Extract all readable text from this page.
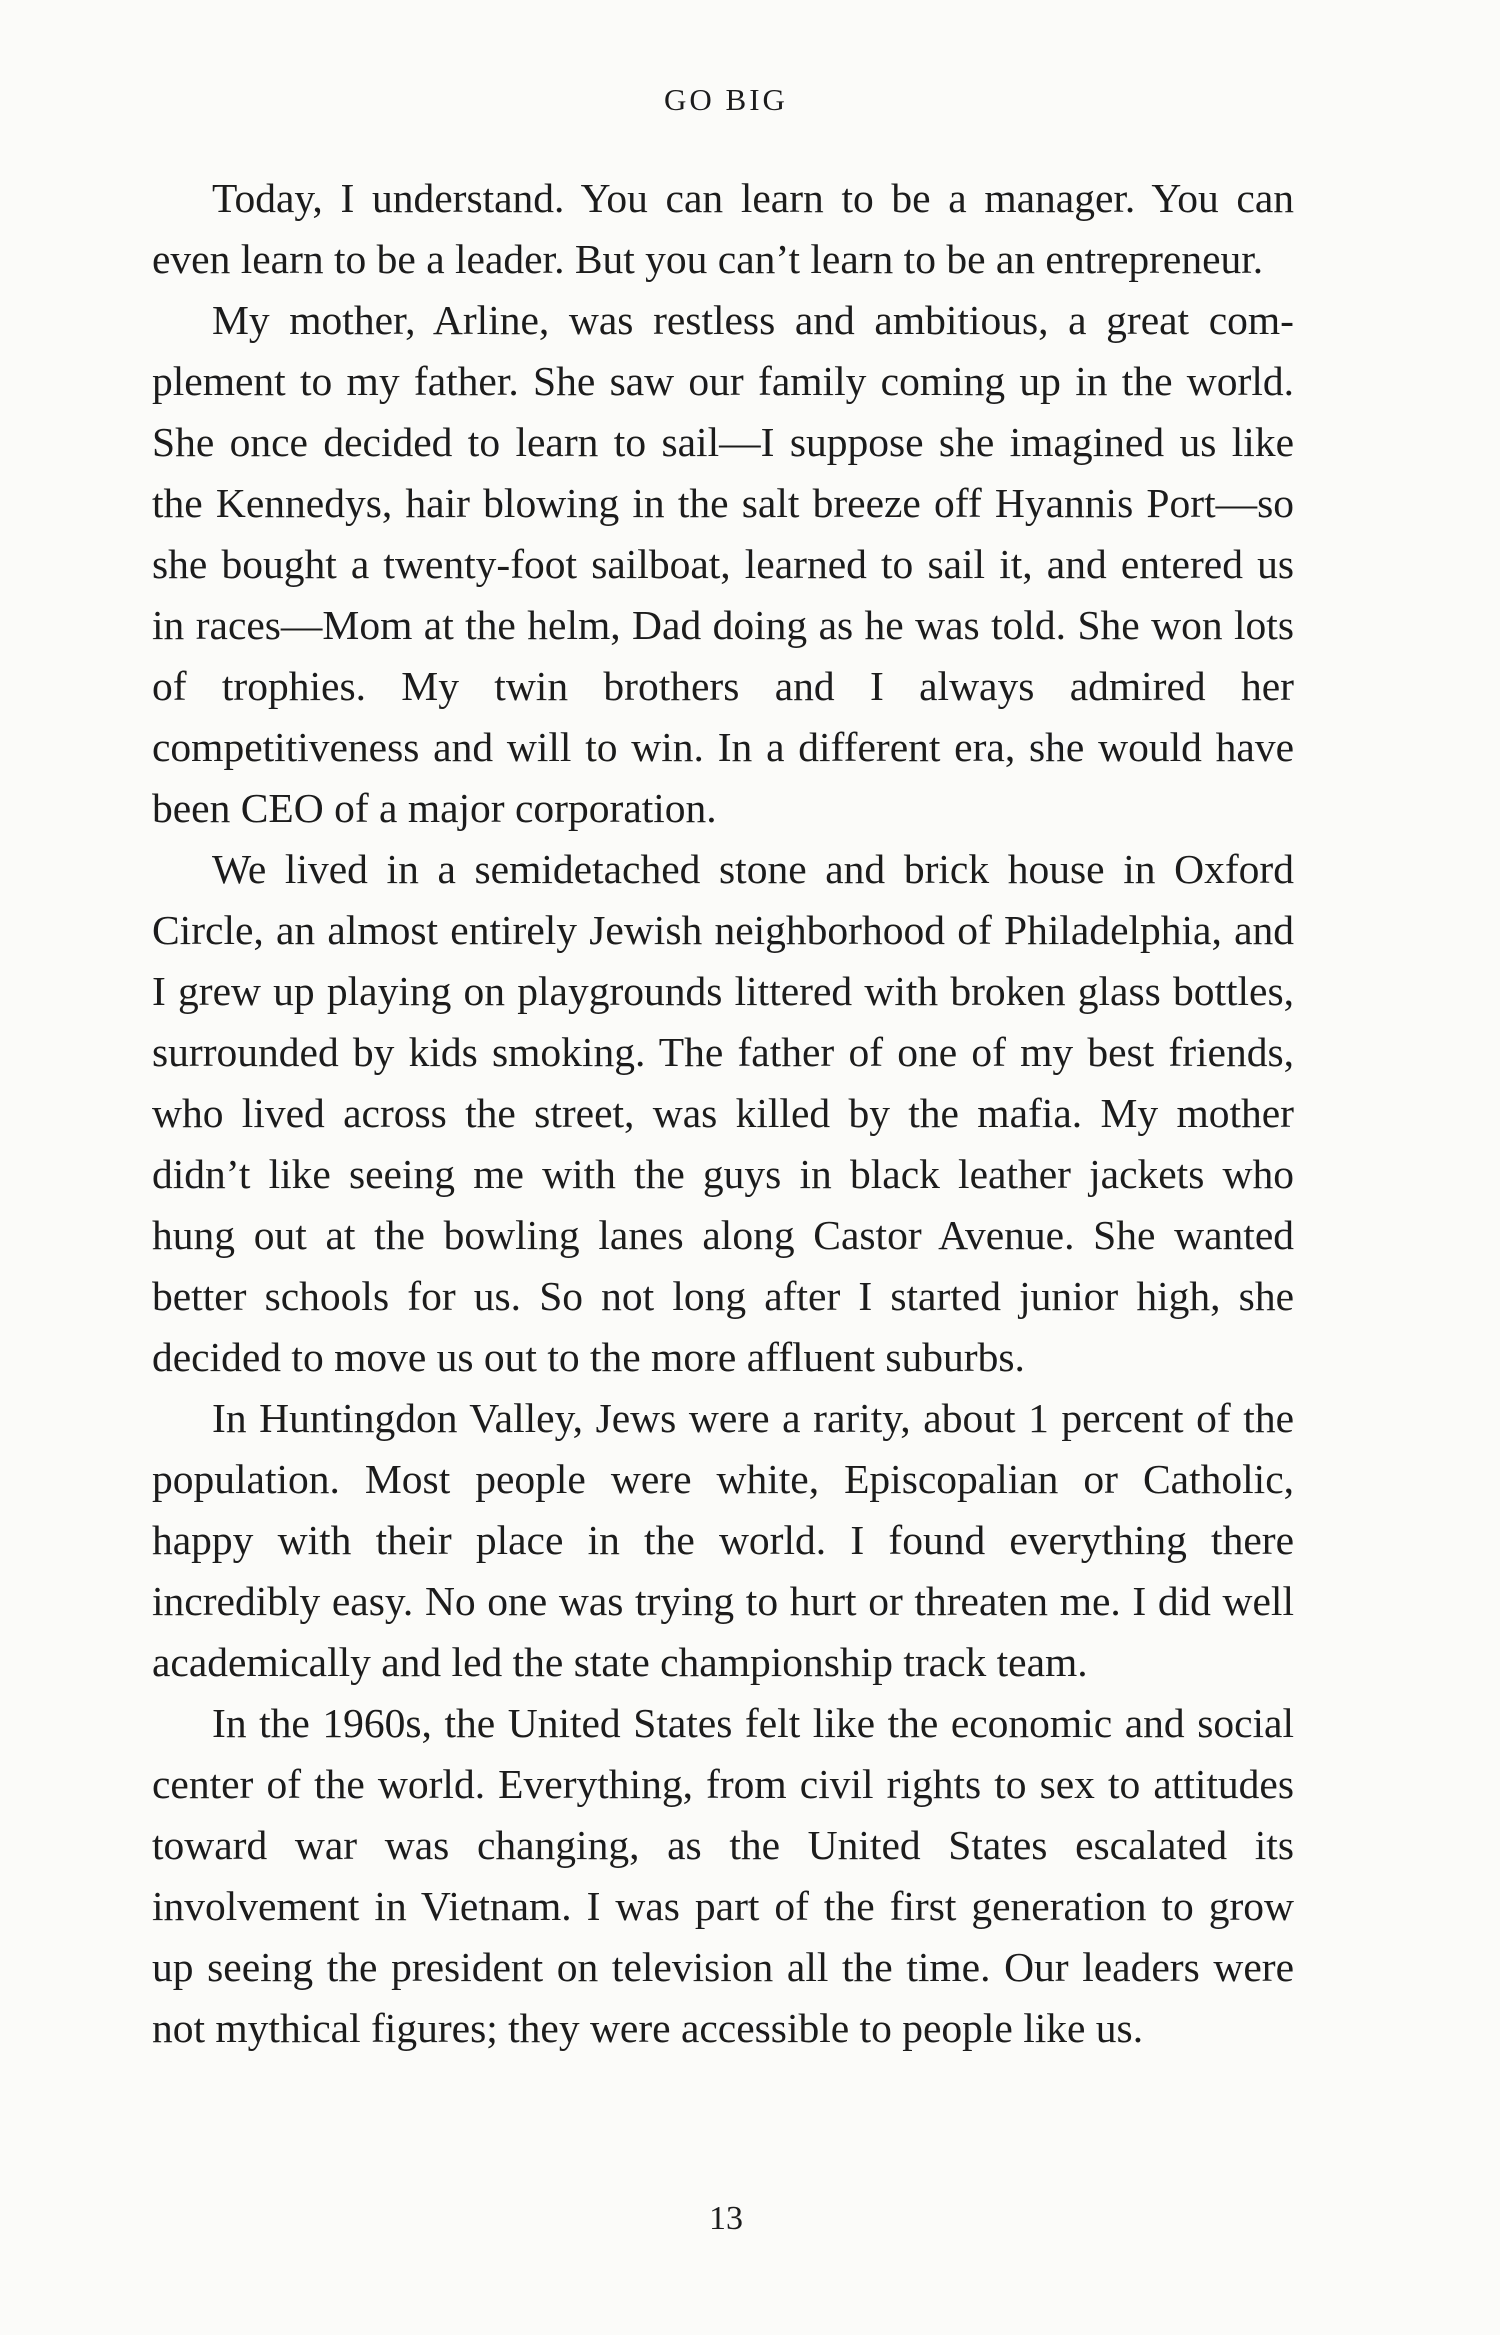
GO BIG

Today, I understand. You can learn to be a manager. You can even learn to be a leader. But you can’t learn to be an entrepreneur.

My mother, Arline, was restless and ambitious, a great complement to my father. She saw our family coming up in the world. She once decided to learn to sail—I suppose she imagined us like the Kennedys, hair blowing in the salt breeze off Hyannis Port—so she bought a twenty-foot sailboat, learned to sail it, and entered us in races—Mom at the helm, Dad doing as he was told. She won lots of trophies. My twin brothers and I always admired her competitiveness and will to win. In a different era, she would have been CEO of a major corporation.

We lived in a semidetached stone and brick house in Oxford Circle, an almost entirely Jewish neighborhood of Philadelphia, and I grew up playing on playgrounds littered with broken glass bottles, surrounded by kids smoking. The father of one of my best friends, who lived across the street, was killed by the mafia. My mother didn’t like seeing me with the guys in black leather jackets who hung out at the bowling lanes along Castor Avenue. She wanted better schools for us. So not long after I started junior high, she decided to move us out to the more affluent suburbs.

In Huntingdon Valley, Jews were a rarity, about 1 percent of the population. Most people were white, Episcopalian or Catholic, happy with their place in the world. I found everything there incredibly easy. No one was trying to hurt or threaten me. I did well academically and led the state championship track team.

In the 1960s, the United States felt like the economic and social center of the world. Everything, from civil rights to sex to attitudes toward war was changing, as the United States escalated its involvement in Vietnam. I was part of the first generation to grow up seeing the president on television all the time. Our leaders were not mythical figures; they were accessible to people like us.

13
